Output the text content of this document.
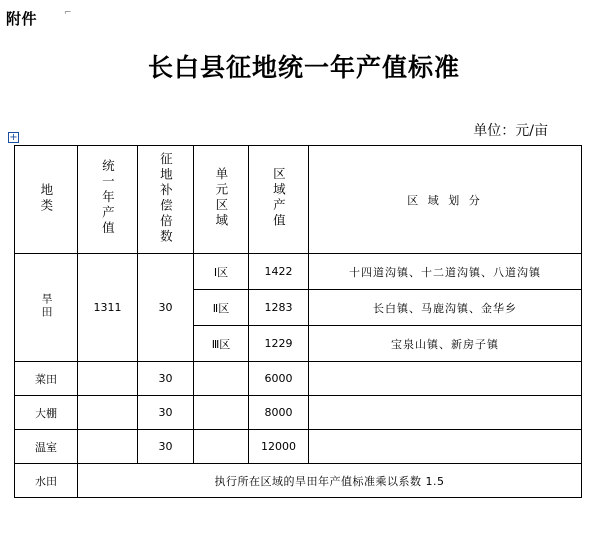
附件	⌐
长白县征地统一年产值标准
单位：元/亩
+
地类	统一年产值	征地补偿倍数	单元区域	区域产值	区 域 划 分
旱田	1311	30	Ⅰ区	1422	十四道沟镇、十二道沟镇、八道沟镇
			Ⅱ区	1283	长白镇、马鹿沟镇、金华乡
			Ⅲ区	1229	宝泉山镇、新房子镇
菜田		30		6000	
大棚		30		8000	
温室		30		12000	
水田	执行所在区域的旱田年产值标准乘以系数 1.5				
